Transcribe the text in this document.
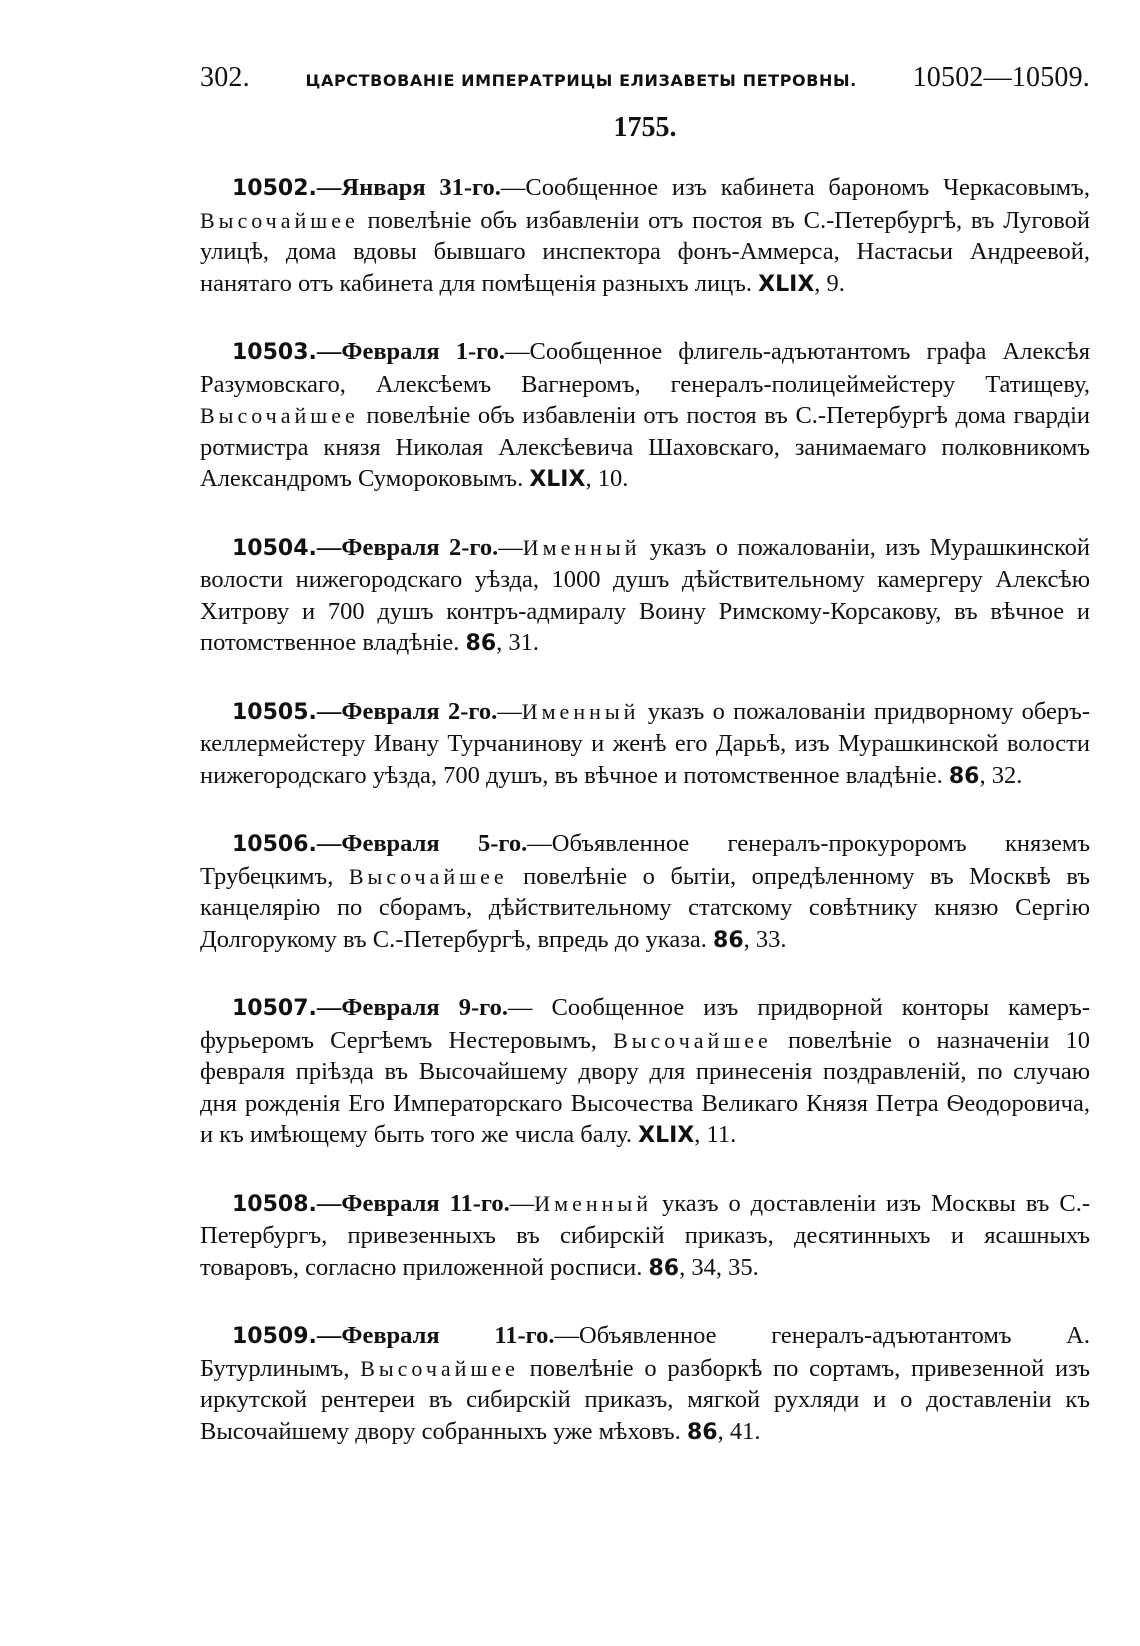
302.	ЦАРСТВОВАНІЕ ИМПЕРАТРИЦЫ ЕЛИЗАВЕТЫ ПЕТРОВНЫ.	10502—10509.
1755.

10502.—Января 31-го.—Сообщенное изъ кабинета барономъ Черкасовымъ, Высочайшее повелѣніе объ избавленіи отъ постоя въ С.-Петербургѣ, въ Луговой улицѣ, дома вдовы бывшаго инспектора фонъ-Аммерса, Настасьи Андреевой, нанятаго отъ кабинета для помѣщенія разныхъ лицъ. XLIX, 9.

10503.—Февраля 1-го.—Сообщенное флигель-адъютантомъ графа Алексѣя Разумовскаго, Алексѣемъ Вагнеромъ, генералъ-полицеймейстеру Татищеву, Высочайшее повелѣніе объ избавленіи отъ постоя въ С.-Петербургѣ дома гвардіи ротмистра князя Николая Алексѣевича Шаховскаго, занимаемаго полковникомъ Александромъ Сумороковымъ. XLIX, 10.

10504.—Февраля 2-го.—Именный указъ о пожалованіи, изъ Мурашкинской волости нижегородскаго уѣзда, 1000 душъ дѣйствительному камергеру Алексѣю Хитрову и 700 душъ контръ-адмиралу Воину Римскому-Корсакову, въ вѣчное и потомственное владѣніе. 86, 31.

10505.—Февраля 2-го.—Именный указъ о пожалованіи придворному оберъ-келлермейстеру Ивану Турчанинову и женѣ его Дарьѣ, изъ Мурашкинской волости нижегородскаго уѣзда, 700 душъ, въ вѣчное и потомственное владѣніе. 86, 32.

10506.—Февраля 5-го.—Объявленное генералъ-прокуроромъ княземъ Трубецкимъ, Высочайшее повелѣніе о бытіи, опредѣленному въ Москвѣ въ канцелярію по сборамъ, дѣйствительному статскому совѣтнику князю Сергію Долгорукому въ С.-Петербургѣ, впредь до указа. 86, 33.

10507.—Февраля 9-го.— Сообщенное изъ придворной конторы камеръ-фурьеромъ Сергѣемъ Нестеровымъ, Высочайшее повелѣніе о назначеніи 10 февраля пріѣзда въ Высочайшему двору для принесенія поздравленій, по случаю дня рожденія Его Императорскаго Высочества Великаго Князя Петра Ѳеодоровича, и къ имѣющему быть того же числа балу. XLIX, 11.

10508.—Февраля 11-го.—Именный указъ о доставленіи изъ Москвы въ С.-Петербургъ, привезенныхъ въ сибирскій приказъ, десятинныхъ и ясашныхъ товаровъ, согласно приложенной росписи. 86, 34, 35.

10509.—Февраля 11-го.—Объявленное генералъ-адъютантомъ А. Бутурлинымъ, Высочайшее повелѣніе о разборкѣ по сортамъ, привезенной изъ иркутской рентереи въ сибирскій приказъ, мягкой рухляди и о доставленіи къ Высочайшему двору собранныхъ уже мѣховъ. 86, 41.
